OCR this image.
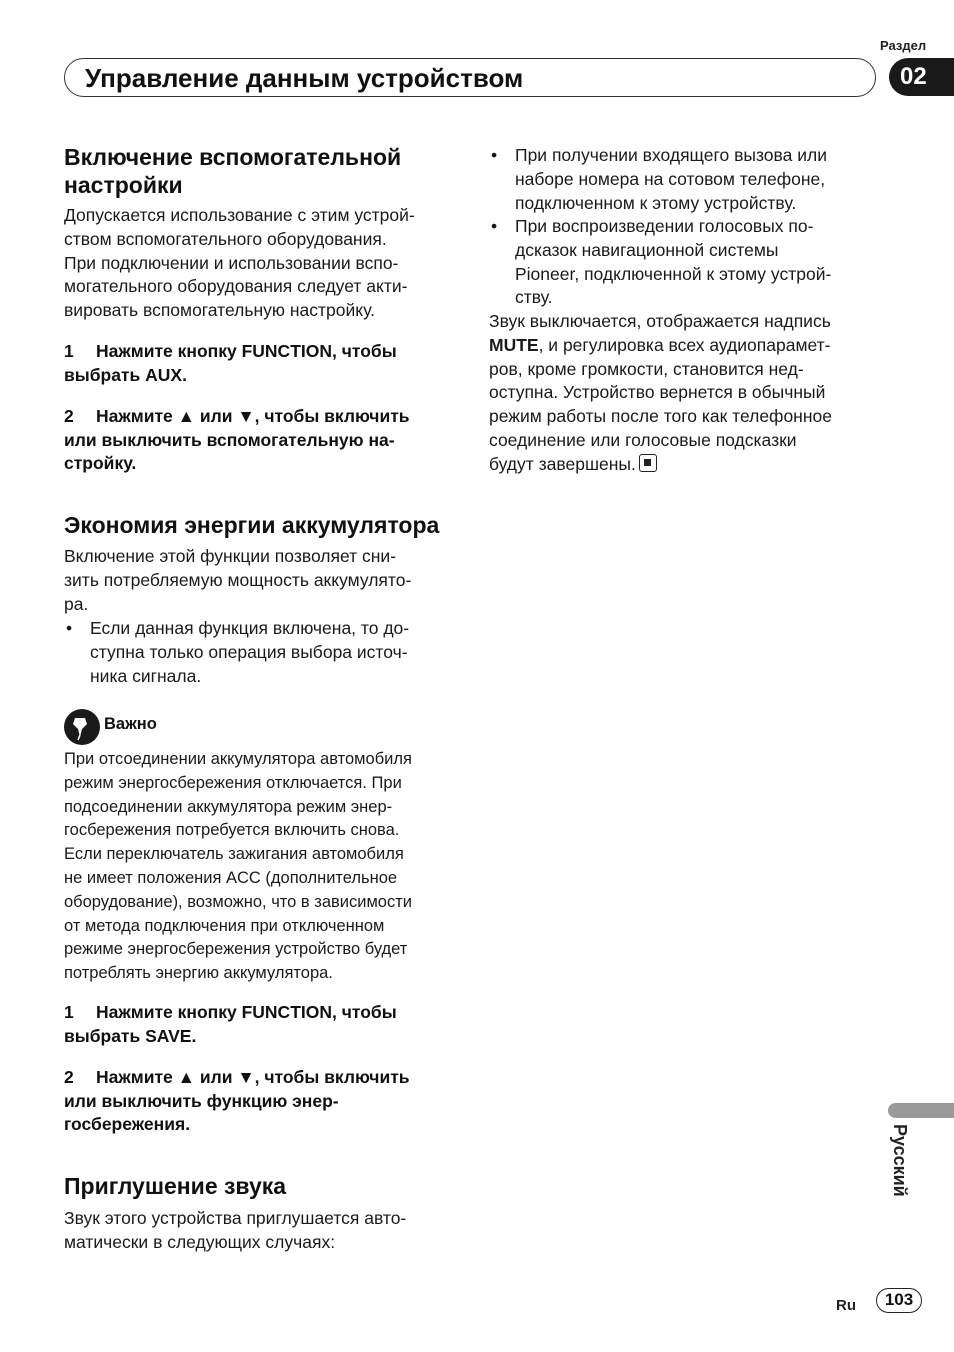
Раздел
02
Управление данным устройством
Включение вспомогательной
настройки
Допускается использование с этим устрой-
ством вспомогательного оборудования.
При подключении и использовании вспо-
могательного оборудования следует акти-
вировать вспомогательную настройку.
1 Нажмите кнопку FUNCTION, чтобы
выбрать AUX.
2 Нажмите ▲ или ▼, чтобы включить
или выключить вспомогательную на-
стройку.
Экономия энергии аккумулятора
Включение этой функции позволяет сни-
зить потребляемую мощность аккумулято-
ра.
• Если данная функция включена, то до-
ступна только операция выбора источ-
ника сигнала.
Важно
При отсоединении аккумулятора автомобиля
режим энергосбережения отключается. При
подсоединении аккумулятора режим энер-
госбережения потребуется включить снова.
Если переключатель зажигания автомобиля
не имеет положения ACC (дополнительное
оборудование), возможно, что в зависимости
от метода подключения при отключенном
режиме энергосбережения устройство будет
потреблять энергию аккумулятора.
1 Нажмите кнопку FUNCTION, чтобы
выбрать SAVE.
2 Нажмите ▲ или ▼, чтобы включить
или выключить функцию энер-
госбережения.
Приглушение звука
Звук этого устройства приглушается авто-
матически в следующих случаях:
• При получении входящего вызова или
наборе номера на сотовом телефоне,
подключенном к этому устройству.
• При воспроизведении голосовых по-
дсказок навигационной системы
Pioneer, подключенной к этому устрой-
ству.
Звук выключается, отображается надпись
MUTE, и регулировка всех аудиопарамет-
ров, кроме громкости, становится нед-
оступна. Устройство вернется в обычный
режим работы после того как телефонное
соединение или голосовые подсказки
будут завершены.
Русский
Ru	103
